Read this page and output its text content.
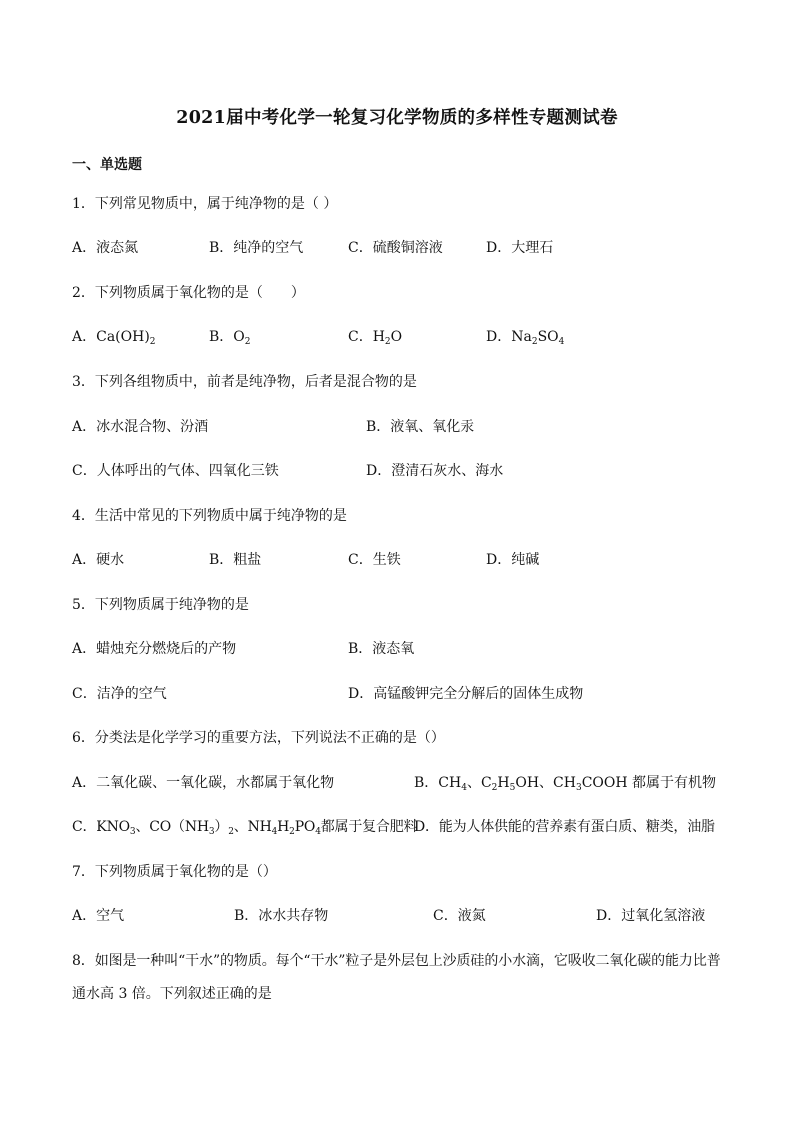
2021届中考化学一轮复习化学物质的多样性专题测试卷
一、单选题
1．下列常见物质中，属于纯净物的是（ ）
A．液态氮	B．纯净的空气	C．硫酸铜溶液	D．大理石
2．下列物质属于氧化物的是（　　）
A．$Ca(OH)_2$	B．$O_2$	C．$H_2O$	D．$Na_2SO_4$
3．下列各组物质中，前者是纯净物，后者是混合物的是
A．冰水混合物、汾酒	B．液氧、氧化汞
C．人体呼出的气体、四氧化三铁	D．澄清石灰水、海水
4．生活中常见的下列物质中属于纯净物的是
A．硬水	B．粗盐	C．生铁	D．纯碱
5．下列物质属于纯净物的是
A．蜡烛充分燃烧后的产物	B．液态氧
C．洁净的空气	D．高锰酸钾完全分解后的固体生成物
6．分类法是化学学习的重要方法，下列说法不正确的是（）
A．二氧化碳、一氧化碳，水都属于氧化物	B．$CH_4$、$C_2H_5OH$、$CH_3COOH$ 都属于有机物
C．$KNO_3$、$CO(NH_3)_2$、$NH_4H_2PO_4$都属于复合肥料
D．能为人体供能的营养素有蛋白质、糖类，油脂
7．下列物质属于氧化物的是（）
A．空气	B．冰水共存物	C．液氮	D．过氧化氢溶液
8．如图是一种叫“干水”的物质。每个“干水”粒子是外层包上沙质硅的小水滴，它吸收二氧化碳的能力比普
通水高 3 倍。下列叙述正确的是
